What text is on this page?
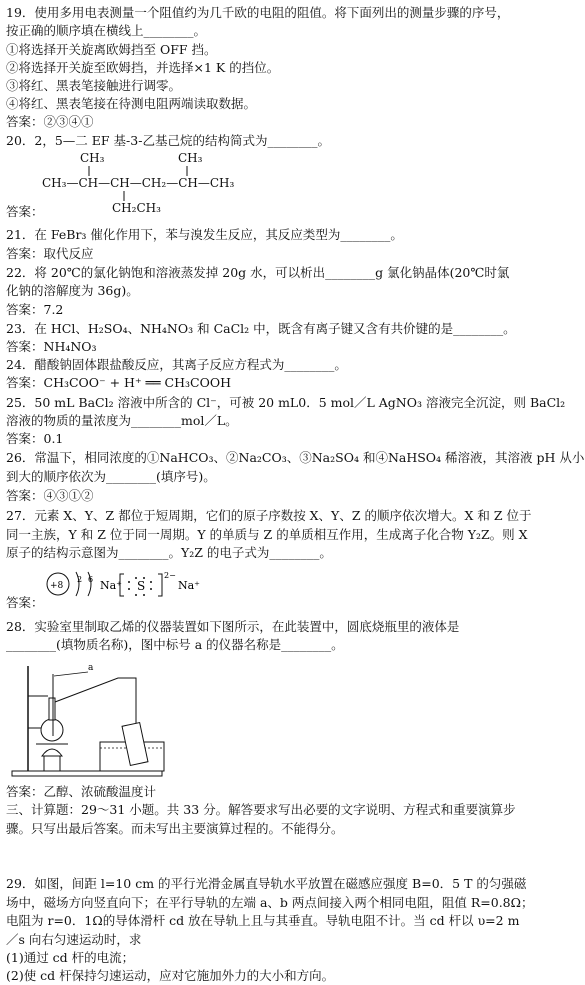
19．使用多用电表测量一个阻值约为几千欧的电阻的阻值。将下面列出的测量步骤的序号，
按正确的顺序填在横线上________。
①将选择开关旋离欧姆挡至 OFF 挡。
②将选择开关旋至欧姆挡，并选择×1 K 的挡位。
③将红、黑表笔接触进行调零。
④将红、黑表笔接在待测电阻两端读取数据。
答案：②③④①
20．2，5—二 EF 基-3-乙基己烷的结构简式为________。
CH₃	CH₃
CH₃—CH—CH—CH₂—CH—CH₃
CH₂CH₃
答案：
21．在 FeBr₃ 催化作用下，苯与溴发生反应，其反应类型为________。
答案：取代反应
22．将 20℃的氯化钠饱和溶液蒸发掉 20g 水，可以析出________g 氯化钠晶体(20℃时氯
化钠的溶解度为 36g)。
答案：7.2
23．在 HCl、H₂SO₄、NH₄NO₃ 和 CaCl₂ 中，既含有离子键又含有共价键的是________。
答案：NH₄NO₃
24．醋酸钠固体跟盐酸反应，其离子反应方程式为________。
答案：CH₃COO⁻ + H⁺ ══ CH₃COOH
25．50 mL BaCl₂ 溶液中所含的 Cl⁻，可被 20 mL0．5 mol／L AgNO₃ 溶液完全沉淀，则 BaCl₂
溶液的物质的量浓度为________mol／L。
答案：0.1
26．常温下，相同浓度的①NaHCO₃、②Na₂CO₃、③Na₂SO₄ 和④NaHSO₄ 稀溶液，其溶液 pH 从小
到大的顺序依次为________(填序号)。
答案：④③①②
27．元素 X、Y、Z 都位于短周期，它们的原子序数按 X、Y、Z 的顺序依次增大。X 和 Z 位于
同一主族，Y 和 Z 位于同一周期。Y 的单质与 Z 的单质相互作用，生成离子化合物 Y₂Z。则 X
原子的结构示意图为________。Y₂Z 的电子式为________。
答案：
+8
2 6 Na⁺ S
2−
Na⁺
28．实验室里制取乙烯的仪器装置如下图所示，在此装置中，圆底烧瓶里的液体是
________(填物质名称)，图中标号 a 的仪器名称是________。
a
答案：乙醇、浓硫酸温度计
三、计算题：29～31 小题。共 33 分。解答要求写出必要的文字说明、方程式和重要演算步
骤。只写出最后答案。而未写出主要演算过程的。不能得分。
29．如图，间距 l=10 cm 的平行光滑金属直导轨水平放置在磁感应强度 B=0．5 T 的匀强磁
场中，磁场方向竖直向下；在平行导轨的左端 a、b 两点间接入两个相同电阻，阻值 R=0.8Ω；
电阻为 r=0．1Ω的导体滑杆 cd 放在导轨上且与其垂直。导轨电阻不计。当 cd 杆以 υ=2 m
／s 向右匀速运动时，求
(1)通过 cd 杆的电流；
(2)使 cd 杆保持匀速运动，应对它施加外力的大小和方向。
